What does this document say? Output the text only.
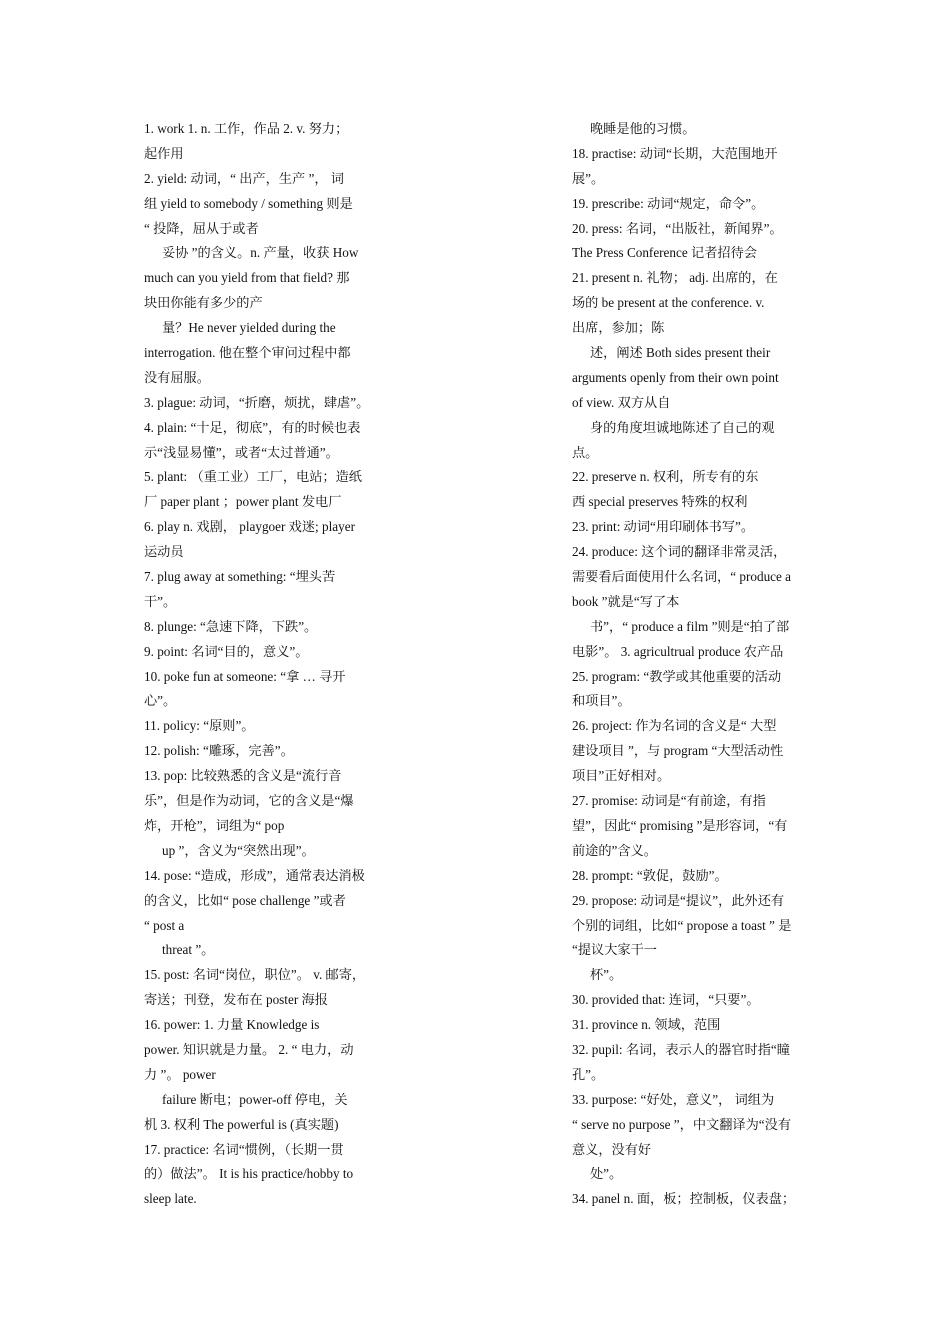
1. work 1. n. 工作，作品 2. v. 努力；
起作用
2. yield: 动词，“ 出产，生产 ”， 词
组 yield to somebody / something 则是
“ 投降，屈从于或者
妥协 ”的含义。n. 产量，收获 How
much can you yield from that field? 那
块田你能有多少的产
量？He never yielded during the
interrogation. 他在整个审问过程中都
没有屈服。
3. plague: 动词，“折磨，烦扰，肆虐”。
4. plain: “十足，彻底”，有的时候也表
示“浅显易懂”，或者“太过普通”。
5. plant: （重工业）工厂，电站；造纸
厂 paper plant ；power plant 发电厂
6. play n. 戏剧， playgoer 戏迷; player
运动员
7. plug away at something: “埋头苦
干”。
8. plunge: “急速下降，下跌”。
9. point: 名词“目的，意义”。
10. poke fun at someone: “拿 … 寻开
心”。
11. policy: “原则”。
12. polish: “雕琢，完善”。
13. pop: 比较熟悉的含义是“流行音
乐”，但是作为动词，它的含义是“爆
炸，开枪”，词组为“ pop
up ”，含义为“突然出现”。
14. pose: “造成，形成”，通常表达消极
的含义，比如“ pose challenge ”或者
“ post a
threat ”。
15. post: 名词“岗位，职位”。 v. 邮寄，
寄送；刊登，发布在 poster 海报
16. power: 1. 力量 Knowledge is
power. 知识就是力量。 2. “ 电力，动
力 ”。 power
failure 断电；power-off 停电，关
机 3. 权利 The powerful is (真实题)
17. practice: 名词“惯例，（长期一贯
的）做法”。 It is his practice/hobby to
sleep late.
晚睡是他的习惯。
18. practise: 动词“长期，大范围地开
展”。
19. prescribe: 动词“规定，命令”。
20. press: 名词，“出版社，新闻界”。
The Press Conference 记者招待会
21. present n. 礼物； adj. 出席的，在
场的 be present at the conference. v.
出席，参加；陈
述，阐述 Both sides present their
arguments openly from their own point
of view. 双方从自
身的角度坦诚地陈述了自己的观
点。
22. preserve n. 权利，所专有的东
西 special preserves 特殊的权利
23. print: 动词“用印刷体书写”。
24. produce: 这个词的翻译非常灵活，
需要看后面使用什么名词，“ produce a
book ”就是“写了本
书”，“ produce a film ”则是“拍了部
电影”。 3. agricultrual produce 农产品
25. program: “教学或其他重要的活动
和项目”。
26. project: 作为名词的含义是“ 大型
建设项目 ”，与 program “大型活动性
项目”正好相对。
27. promise: 动词是“有前途，有指
望”，因此“ promising ”是形容词，“有
前途的”含义。
28. prompt: “敦促，鼓励”。
29. propose: 动词是“提议”，此外还有
个别的词组，比如“ propose a toast ” 是
“提议大家干一
杯”。
30. provided that: 连词，“只要”。
31. province n. 领域，范围
32. pupil: 名词，表示人的器官时指“瞳
孔”。
33. purpose: “好处，意义”， 词组为
“ serve no purpose ”，中文翻译为“没有
意义，没有好
处”。
34. panel n. 面，板；控制板，仪表盘；
